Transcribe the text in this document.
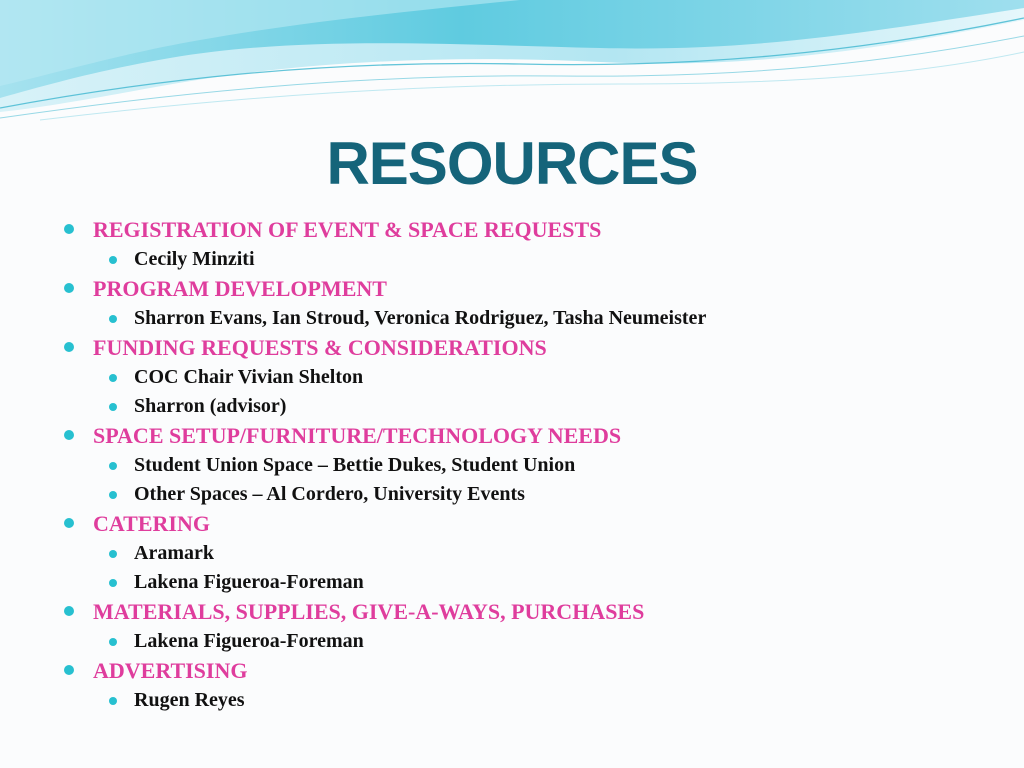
RESOURCES
REGISTRATION OF EVENT & SPACE REQUESTS
Cecily Minziti
PROGRAM DEVELOPMENT
Sharron Evans, Ian Stroud, Veronica Rodriguez, Tasha Neumeister
FUNDING REQUESTS & CONSIDERATIONS
COC Chair Vivian Shelton
Sharron (advisor)
SPACE SETUP/FURNITURE/TECHNOLOGY NEEDS
Student Union Space – Bettie Dukes, Student Union
Other Spaces – Al Cordero, University Events
CATERING
Aramark
Lakena Figueroa-Foreman
MATERIALS, SUPPLIES, GIVE-A-WAYS, PURCHASES
Lakena Figueroa-Foreman
ADVERTISING
Rugen Reyes
